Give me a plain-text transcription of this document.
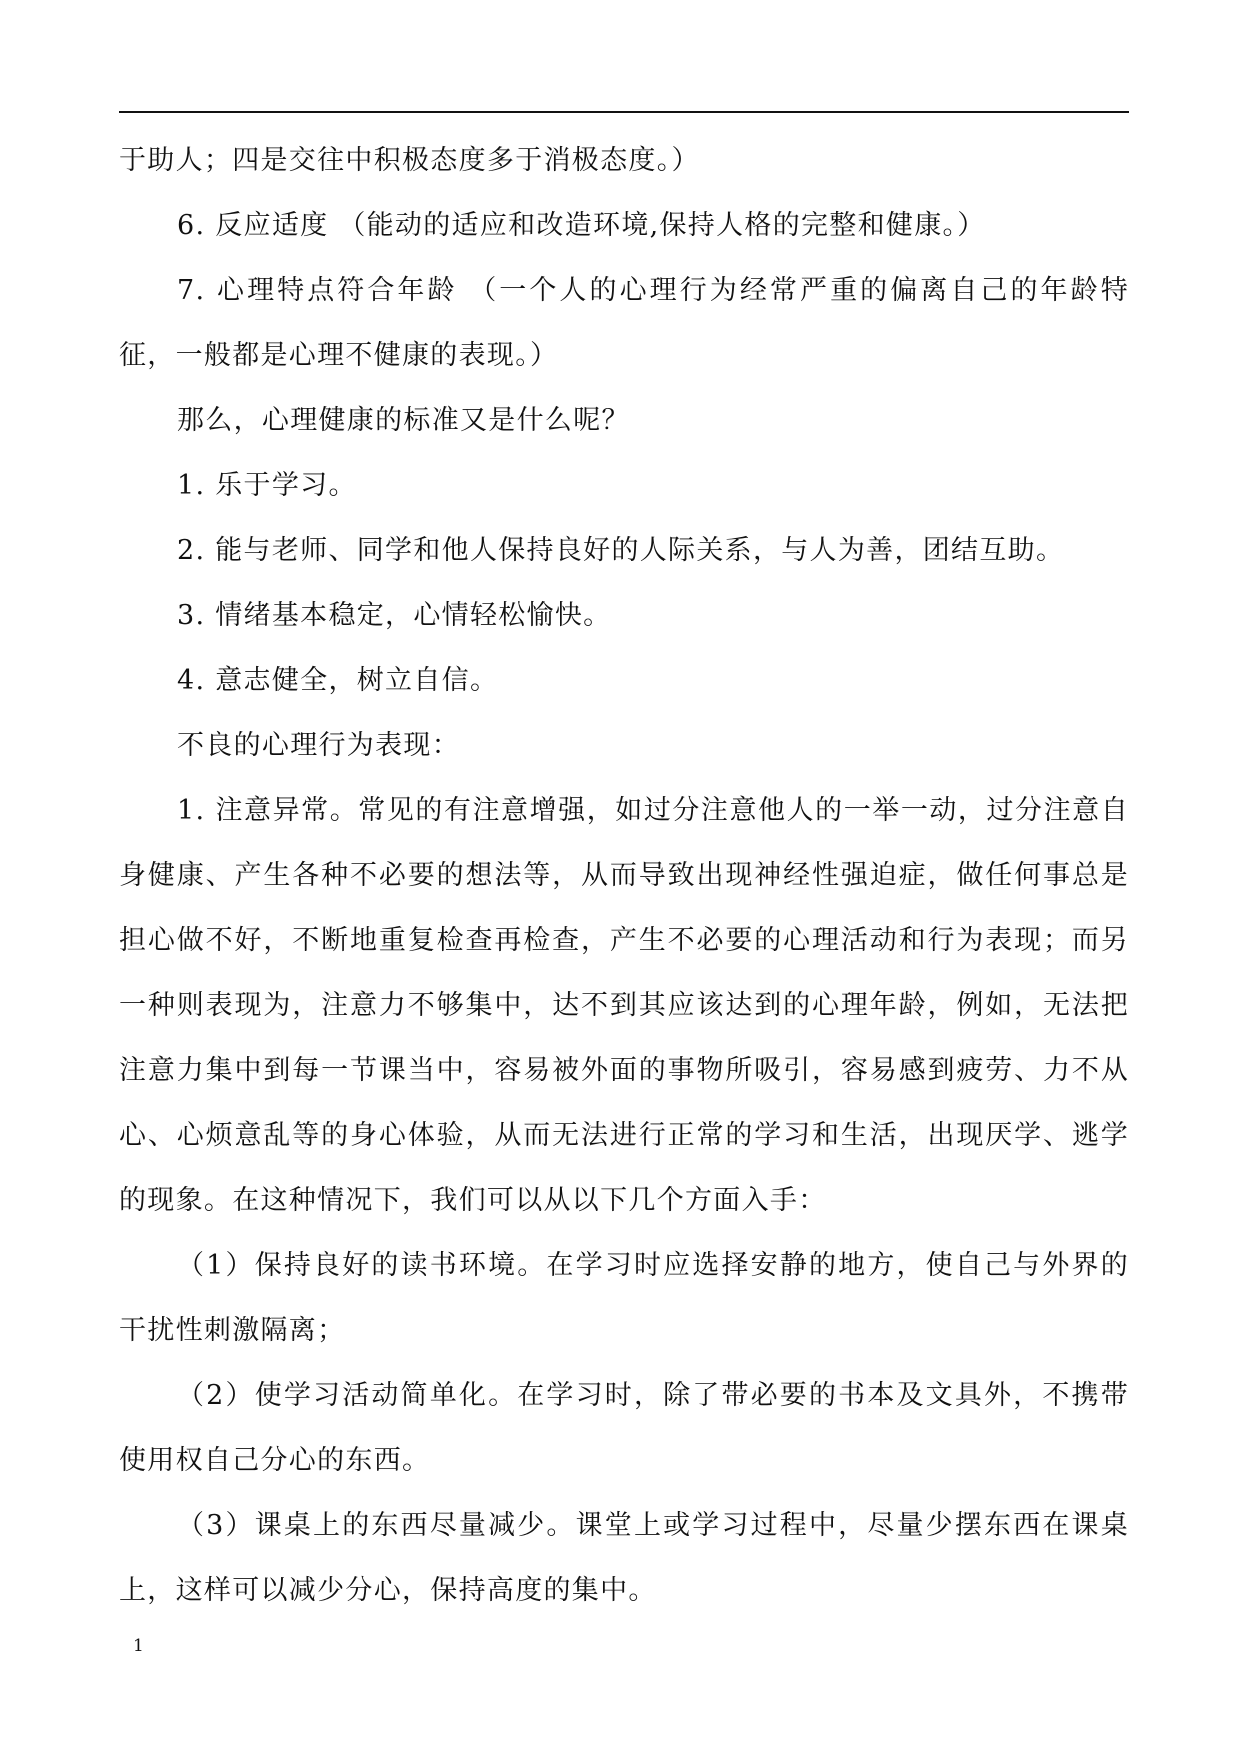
于助人；四是交往中积极态度多于消极态度。）

6. 反应适度 （能动的适应和改造环境,保持人格的完整和健康。）

7. 心理特点符合年龄 （一个人的心理行为经常严重的偏离自己的年龄特征，一般都是心理不健康的表现。）

那么，心理健康的标准又是什么呢？

1. 乐于学习。

2. 能与老师、同学和他人保持良好的人际关系，与人为善，团结互助。

3. 情绪基本稳定，心情轻松愉快。

4. 意志健全，树立自信。

不良的心理行为表现：

1. 注意异常。常见的有注意增强，如过分注意他人的一举一动，过分注意自身健康、产生各种不必要的想法等，从而导致出现神经性强迫症，做任何事总是担心做不好，不断地重复检查再检查，产生不必要的心理活动和行为表现；而另一种则表现为，注意力不够集中，达不到其应该达到的心理年龄，例如，无法把注意力集中到每一节课当中，容易被外面的事物所吸引，容易感到疲劳、力不从心、心烦意乱等的身心体验，从而无法进行正常的学习和生活，出现厌学、逃学的现象。在这种情况下，我们可以从以下几个方面入手：

（1）保持良好的读书环境。在学习时应选择安静的地方，使自己与外界的干扰性刺激隔离；

（2）使学习活动简单化。在学习时，除了带必要的书本及文具外，不携带使用权自己分心的东西。

（3）课桌上的东西尽量减少。课堂上或学习过程中，尽量少摆东西在课桌上，这样可以减少分心，保持高度的集中。

1
